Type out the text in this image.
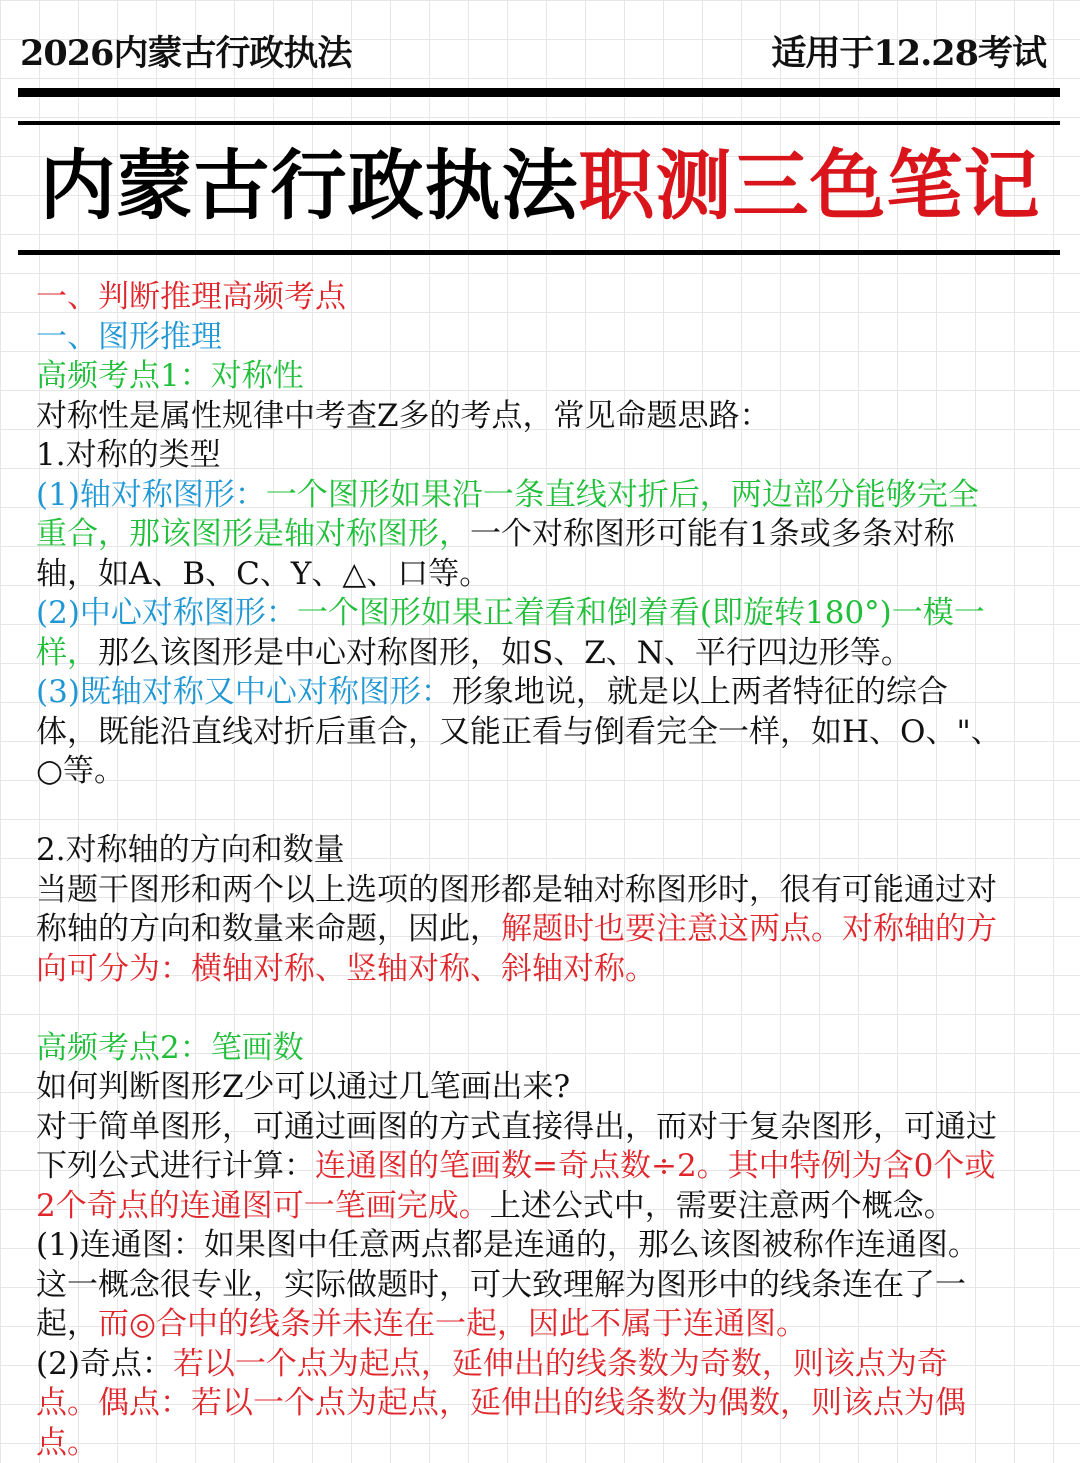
2026内蒙古行政执法	适用于12.28考试
内蒙古行政执法职测三色笔记
一、判断推理高频考点
一、图形推理
高频考点1：对称性
对称性是属性规律中考查Z多的考点，常见命题思路：
1.对称的类型
(1)轴对称图形：一个图形如果沿一条直线对折后，两边部分能够完全
重合，那该图形是轴对称图形，一个对称图形可能有1条或多条对称
轴，如A、B、C、Y、△、口等。
(2)中心对称图形：一个图形如果正着看和倒着看(即旋转180°)一模一
样，那么该图形是中心对称图形，如S、Z、N、平行四边形等。
(3)既轴对称又中心对称图形：形象地说，就是以上两者特征的综合
体，既能沿直线对折后重合，又能正看与倒看完全一样，如H、O、"、
○等。
2.对称轴的方向和数量
当题干图形和两个以上选项的图形都是轴对称图形时，很有可能通过对
称轴的方向和数量来命题，因此，解题时也要注意这两点。对称轴的方
向可分为：横轴对称、竖轴对称、斜轴对称。
高频考点2：笔画数
如何判断图形Z少可以通过几笔画出来?
对于简单图形，可通过画图的方式直接得出，而对于复杂图形，可通过
下列公式进行计算：连通图的笔画数=奇点数÷2。其中特例为含0个或
2个奇点的连通图可一笔画完成。上述公式中，需要注意两个概念。
(1)连通图：如果图中任意两点都是连通的，那么该图被称作连通图。
这一概念很专业，实际做题时，可大致理解为图形中的线条连在了一
起，而◎合中的线条并未连在一起，因此不属于连通图。
(2)奇点：若以一个点为起点，延伸出的线条数为奇数，则该点为奇
点。偶点：若以一个点为起点，延伸出的线条数为偶数，则该点为偶
点。
